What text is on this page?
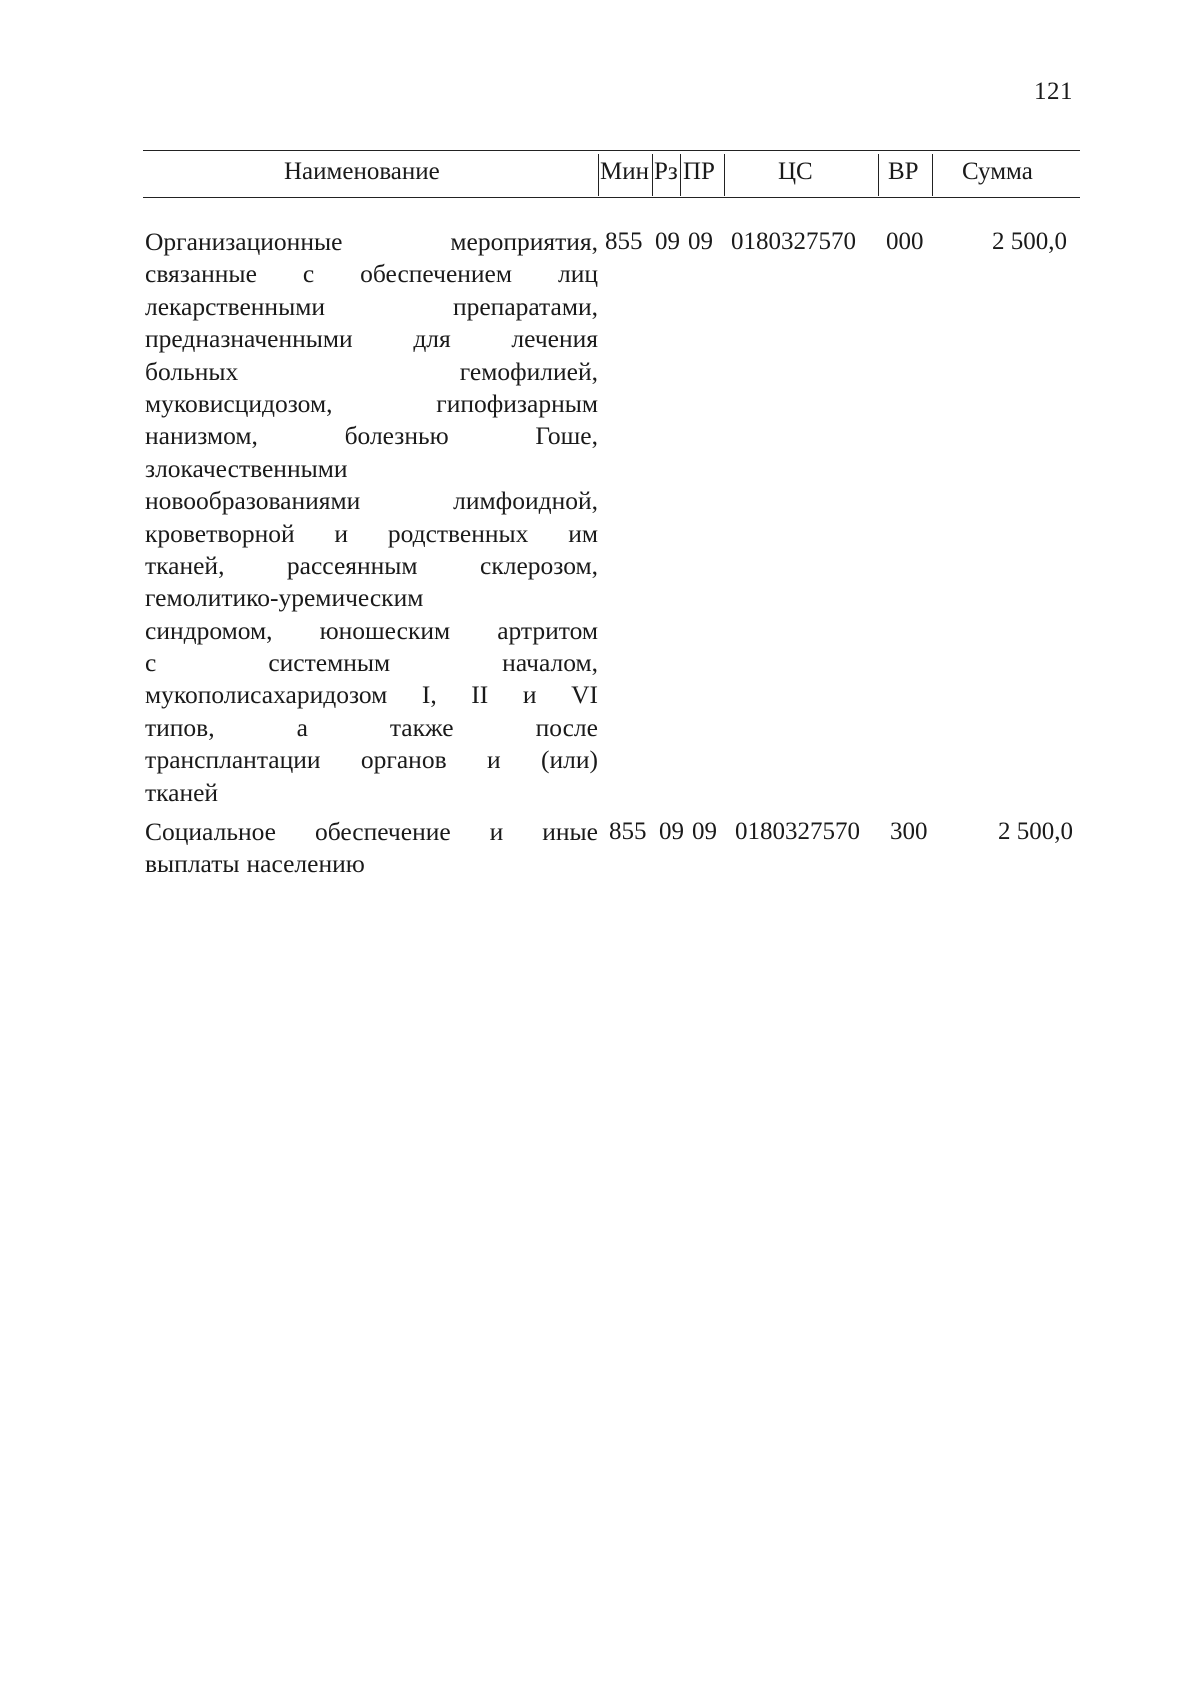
121
Наименование	Мин Рз ПР	ЦС	ВР Сумма
Организационные	мероприятия,
связанные с обеспечением лиц
лекарственными	препаратами,
предназначенными для лечения
больных	гемофилией,
муковисцидозом,	гипофизарным
нанизмом,	болезнью	Гоше,
злокачественными
новообразованиями	лимфоидной,
кроветворной и родственных им
тканей, рассеянным склерозом,
гемолитико-уремическим
синдромом, юношеским артритом
с	системным	началом,
мукополисахаридозом I, II и VI
типов,	а	также	после
трансплантации органов и (или)
тканей
855 09 09 0180327570 000	2 500,0
Социальное обеспечение и иные
выплаты населению
855 09 09 0180327570 300	2 500,0
